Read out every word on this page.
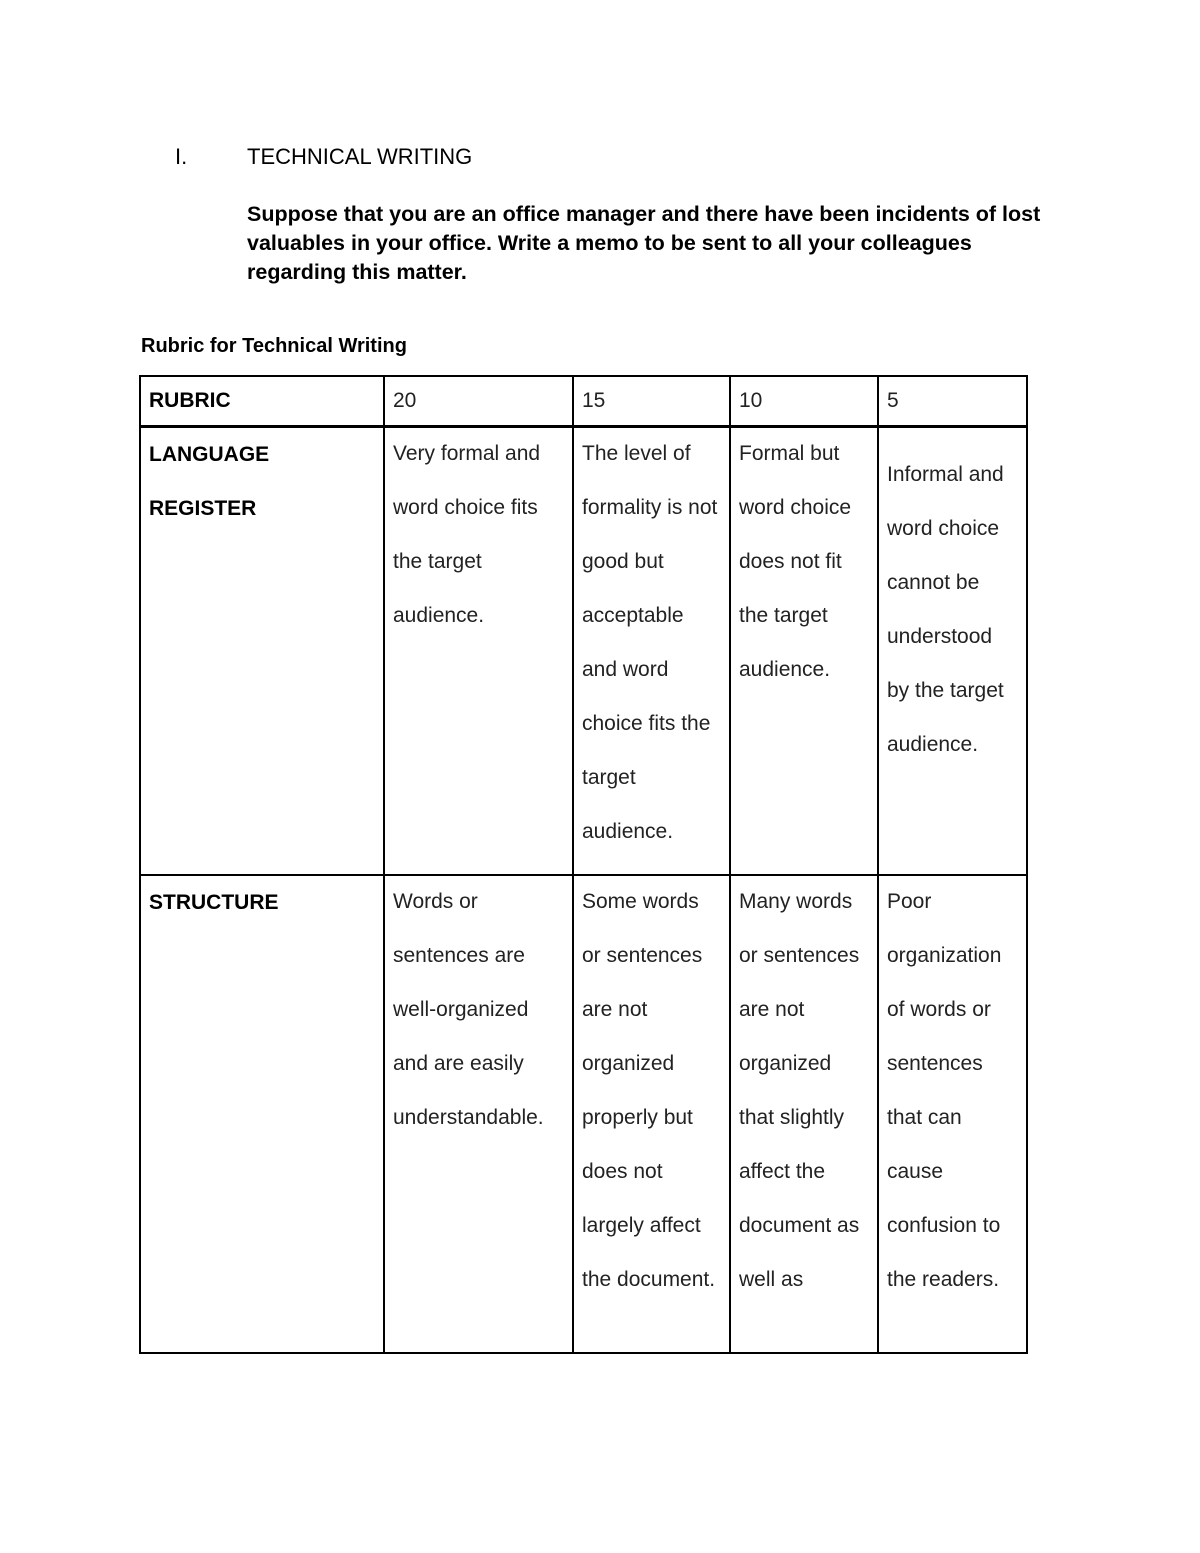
I.	TECHNICAL WRITING

Suppose that you are an office manager and there have been incidents of lost valuables in your office. Write a memo to be sent to all your colleagues regarding this matter.

Rubric for Technical Writing
RUBRIC	20	15	10	5

LANGUAGE
REGISTER	Very formal and word choice fits the target audience.	The level of formality is not good but acceptable and word choice fits the target audience.	Formal but word choice does not fit the target audience.	Informal and word choice cannot be understood by the target audience.

STRUCTURE	Words or sentences are well-organized and are easily understandable.	Some words or sentences are not organized properly but does not largely affect the document.	Many words or sentences are not organized that slightly affect the document as well as	Poor organization of words or sentences that can cause confusion to the readers.
